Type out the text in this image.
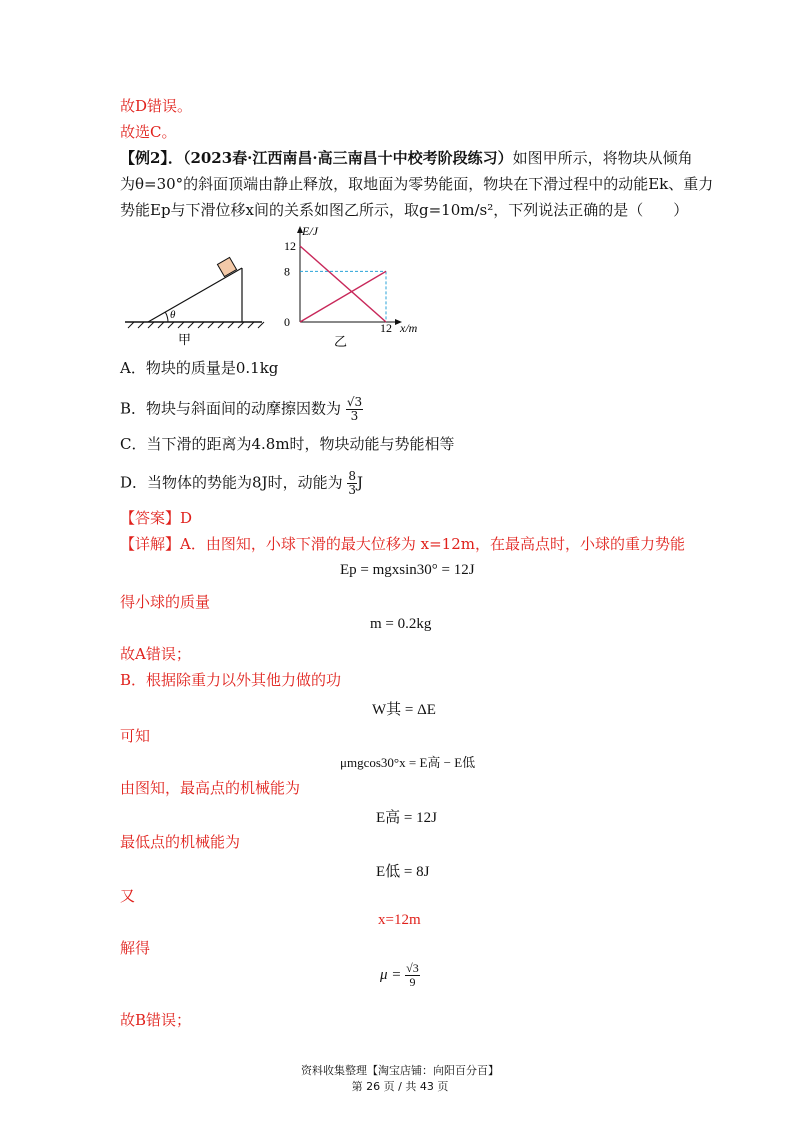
故D错误。
故选C。
【例2】．（2023春·江西南昌·高三南昌十中校考阶段练习）如图甲所示，将物块从倾角
为θ=30°的斜面顶端由静止释放，取地面为零势能面，物块在下滑过程中的动能Ek、重力
势能Ep与下滑位移x间的关系如图乙所示，取g=10m/s²，下列说法正确的是（　　）
θ
甲
E/J
x/m
乙
0
8
12
12
A．物块的质量是0.1kg
B．物块与斜面间的动摩擦因数为 $\frac{√3}{3}$
C．当下滑的距离为4.8m时，物块动能与势能相等
D．当物体的势能为8J时，动能为 $\frac{8}{3}$ J
【答案】D
【详解】A．由图知，小球下滑的最大位移为 x=12m，在最高点时，小球的重力势能
Ep = mgxsin30° = 12J
得小球的质量
m = 0.2kg
故A错误；
B．根据除重力以外其他力做的功
W其 = ΔE
可知
μmgcos30°x = E高 − E低
由图知，最高点的机械能为
E高 = 12J
最低点的机械能为
E低 = 8J
又
x=12m
解得
$\mu = \frac{√3}{9}$
故B错误；
资料收集整理【淘宝店铺：向阳百分百】
第 26 页 / 共 43 页
